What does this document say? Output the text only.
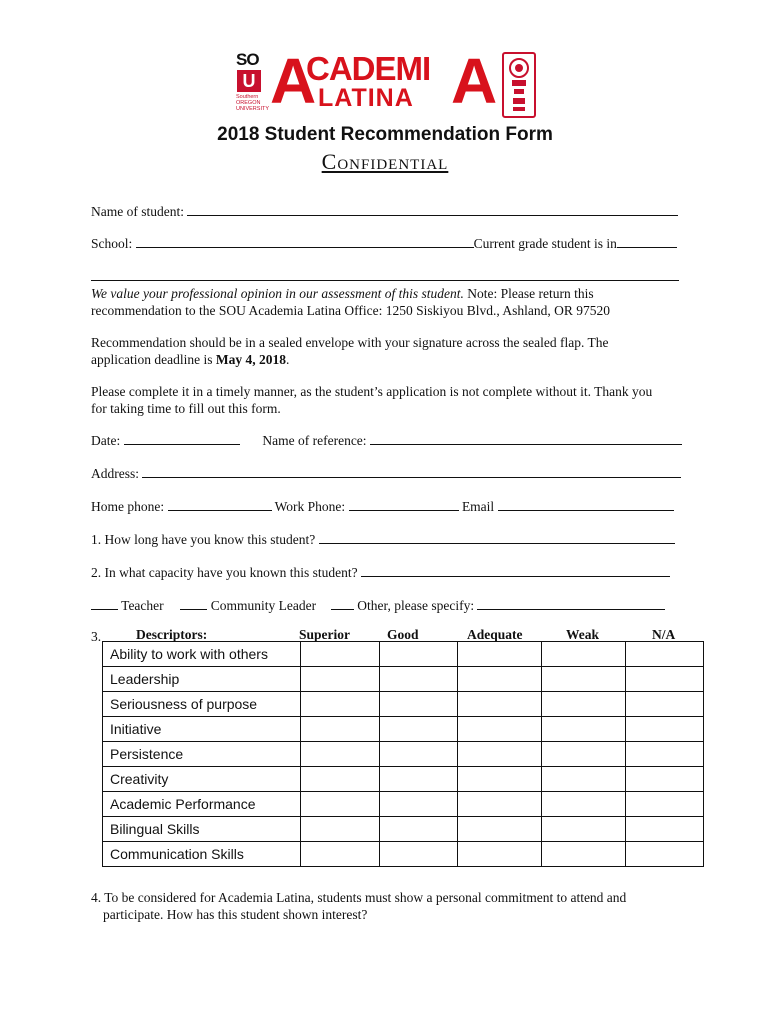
SO
U
Southern
OREGON
UNIVERSITY A
CADEMI
LATINA A
2018 Student Recommendation Form
Confidential
Name of student:
School:	Current grade student is in
We value your professional opinion in our assessment of this student. Note: Please return this
recommendation to the SOU Academia Latina Office: 1250 Siskiyou Blvd., Ashland, OR 97520
Recommendation should be in a sealed envelope with your signature across the sealed flap. The
application deadline is May 4, 2018.
Please complete it in a timely manner, as the student’s application is not complete without it. Thank you
for taking time to fill out this form.
Date:	Name of reference:
Address:
Home phone:	Work Phone:	Email
1. How long have you know this student?
2. In what capacity have you known this student?
Teacher	Community Leader	Other, please specify:
3.	Descriptors:	Superior	Good	Adequate	Weak	N/A
Ability to work with others					
Leadership					
Seriousness of purpose					
Initiative					
Persistence					
Creativity					
Academic Performance					
Bilingual Skills					
Communication Skills					
4. To be considered for Academia Latina, students must show a personal commitment to attend and
participate. How has this student shown interest?
